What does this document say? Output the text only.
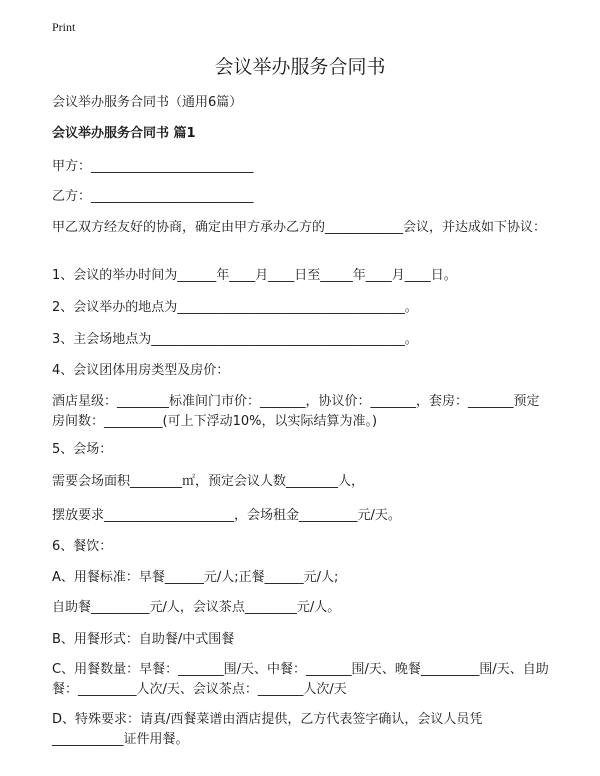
Print
会议举办服务合同书
会议举办服务合同书（通用6篇）
会议举办服务合同书 篇1
甲方：_________________________
乙方：_________________________
甲乙双方经友好的协商，确定由甲方承办乙方的____________会议，并达成如下协议：
1、会议的举办时间为______年____月____日至_____年____月____日。
2、会议举办的地点为___________________________________。
3、主会场地点为_______________________________________。
4、会议团体用房类型及房价：
酒店星级：________标准间门市价：_______，协议价：_______，套房：_______预定房间数：_________(可上下浮动10%，以实际结算为准。)
5、会场：
需要会场面积________㎡，预定会议人数________人，
摆放要求____________________，会场租金_________元/天。
6、餐饮：
A、用餐标准：早餐______元/人;正餐______元/人;
自助餐_________元/人，会议茶点________元/人。
B、用餐形式：自助餐/中式围餐
C、用餐数量：早餐：_______围/天、中餐：_______围/天、晚餐_________围/天、自助餐：_________人次/天、会议茶点：_______人次/天
D、特殊要求：请真/西餐菜谱由酒店提供，乙方代表签字确认，会议人员凭___________证件用餐。
